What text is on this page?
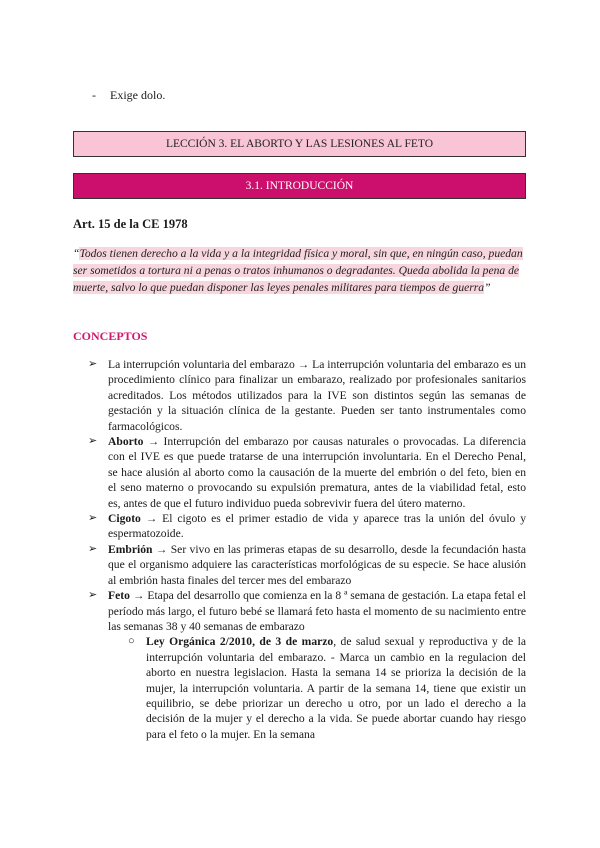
- Exige dolo.
LECCIÓN 3. EL ABORTO Y LAS LESIONES AL FETO
3.1. INTRODUCCIÓN
Art. 15 de la CE 1978
“Todos tienen derecho a la vida y a la integridad física y moral, sin que, en ningún caso, puedan ser sometidos a tortura ni a penas o tratos inhumanos o degradantes. Queda abolida la pena de muerte, salvo lo que puedan disponer las leyes penales militares para tiempos de guerra”
CONCEPTOS
➢ La interrupción voluntaria del embarazo → La interrupción voluntaria del embarazo es un procedimiento clínico para finalizar un embarazo, realizado por profesionales sanitarios acreditados. Los métodos utilizados para la IVE son distintos según las semanas de gestación y la situación clínica de la gestante. Pueden ser tanto instrumentales como farmacológicos.
➢ Aborto → Interrupción del embarazo por causas naturales o provocadas. La diferencia con el IVE es que puede tratarse de una interrupción involuntaria. En el Derecho Penal, se hace alusión al aborto como la causación de la muerte del embrión o del feto, bien en el seno materno o provocando su expulsión prematura, antes de la viabilidad fetal, esto es, antes de que el futuro individuo pueda sobrevivir fuera del útero materno.
➢ Cigoto → El cigoto es el primer estadio de vida y aparece tras la unión del óvulo y espermatozoide.
➢ Embrión → Ser vivo en las primeras etapas de su desarrollo, desde la fecundación hasta que el organismo adquiere las características morfológicas de su especie. Se hace alusión al embrión hasta finales del tercer mes del embarazo
➢ Feto → Etapa del desarrollo que comienza en la 8 ª semana de gestación. La etapa fetal el período más largo, el futuro bebé se llamará feto hasta el momento de su nacimiento entre las semanas 38 y 40 semanas de embarazo
○ Ley Orgánica 2/2010, de 3 de marzo, de salud sexual y reproductiva y de la interrupción voluntaria del embarazo. - Marca un cambio en la regulacion del aborto en nuestra legislacion. Hasta la semana 14 se prioriza la decisión de la mujer, la interrupción voluntaria. A partir de la semana 14, tiene que existir un equilibrio, se debe priorizar un derecho u otro, por un lado el derecho a la decisión de la mujer y el derecho a la vida. Se puede abortar cuando hay riesgo para el feto o la mujer. En la semana
